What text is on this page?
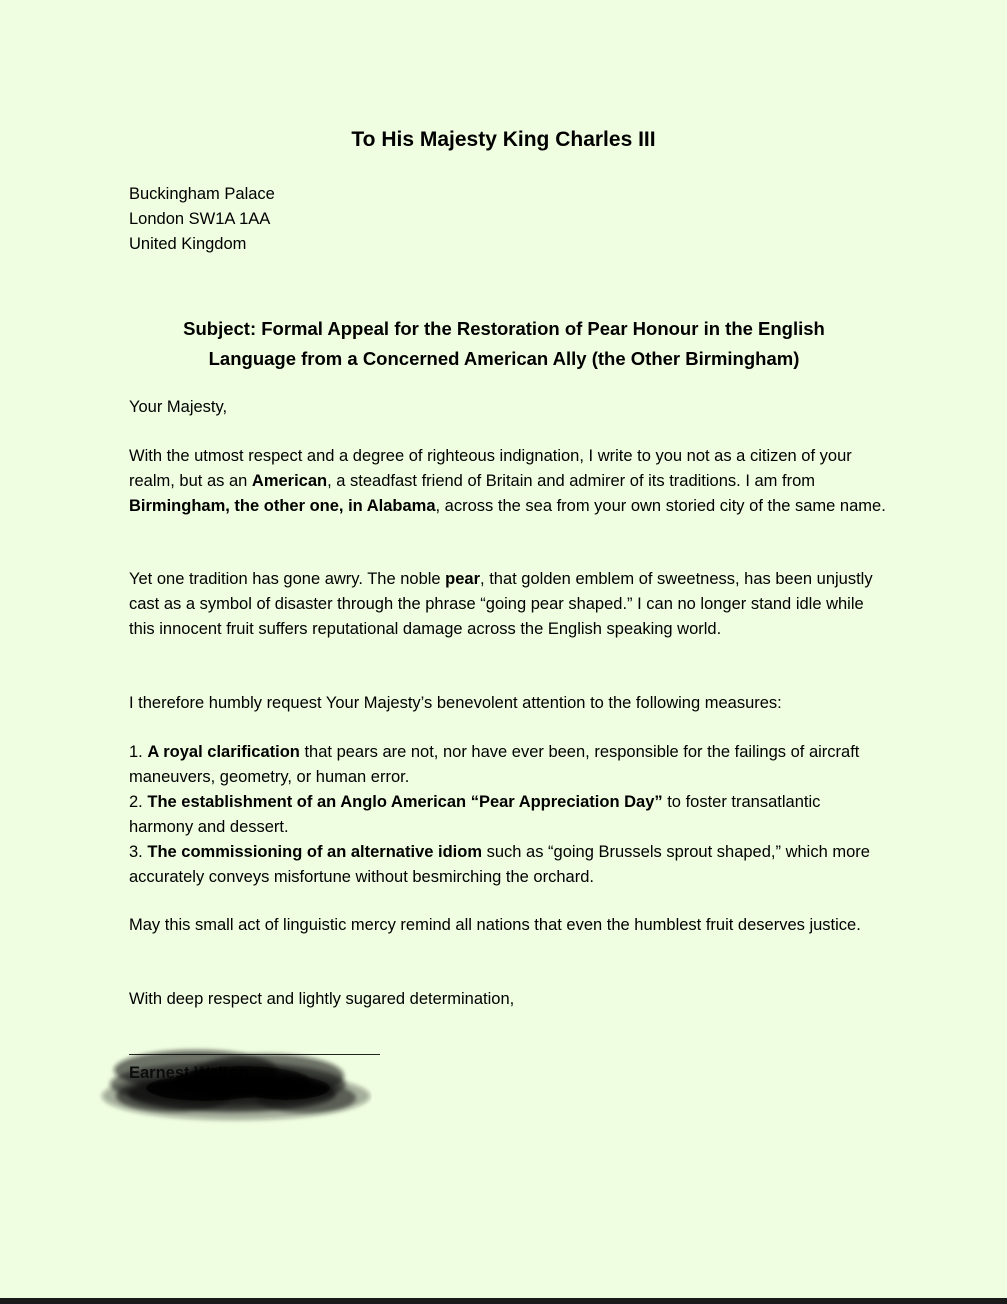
To His Majesty King Charles III
Buckingham Palace
London SW1A 1AA
United Kingdom
Subject: Formal Appeal for the Restoration of Pear Honour in the English
Language from a Concerned American Ally (the Other Birmingham)

Your Majesty,

With the utmost respect and a degree of righteous indignation, I write to you not as a citizen of your realm, but as an American, a steadfast friend of Britain and admirer of its traditions. I am from Birmingham, the other one, in Alabama, across the sea from your own storied city of the same name.

Yet one tradition has gone awry. The noble pear, that golden emblem of sweetness, has been unjustly cast as a symbol of disaster through the phrase “going pear shaped.” I can no longer stand idle while this innocent fruit suffers reputational damage across the English speaking world.

I therefore humbly request Your Majesty’s benevolent attention to the following measures:

1. A royal clarification that pears are not, nor have ever been, responsible for the failings of aircraft maneuvers, geometry, or human error.
2. The establishment of an Anglo American “Pear Appreciation Day” to foster transatlantic harmony and dessert.
3. The commissioning of an alternative idiom such as “going Brussels sprout shaped,” which more accurately conveys misfortune without besmirching the orchard.

May this small act of linguistic mercy remind all nations that even the humblest fruit deserves justice.

With deep respect and lightly sugared determination,
